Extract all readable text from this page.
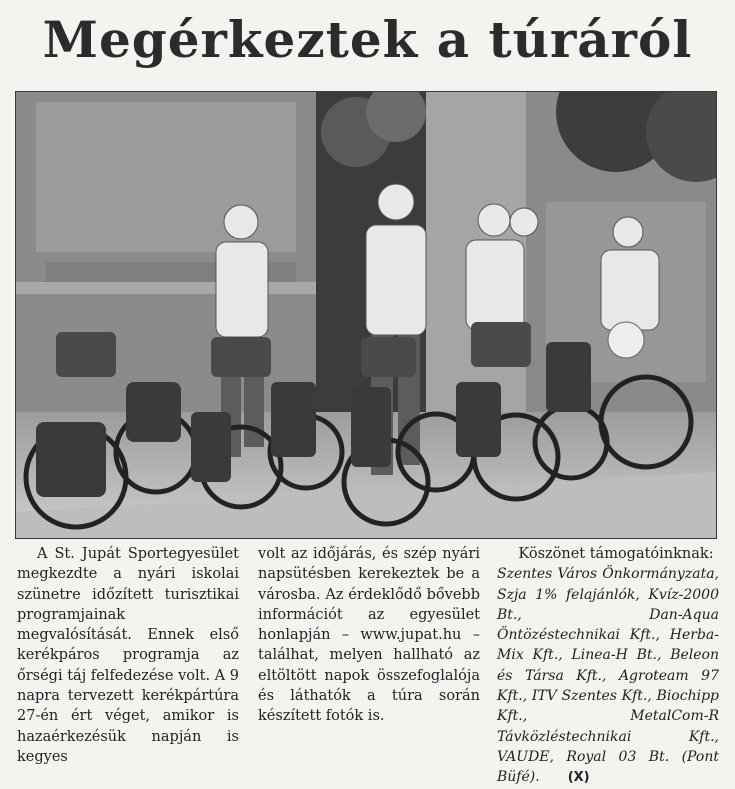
Megérkeztek a túráról

A St. Jupát Sportegyesület megkezdte a nyári iskolai szünetre időzített turisztikai programjainak megvalósítását. Ennek első kerékpáros programja az őrségi táj felfedezése volt. A 9 napra tervezett kerékpártúra 27-én ért véget, amikor is hazaérkezésük napján is kegyes

volt az időjárás, és szép nyári napsütésben kerekeztek be a városba. Az érdeklődő bővebb információt az egyesület honlapján – www.jupat.hu – találhat, melyen hallható az eltöltött napok összefoglalója és láthatók a túra során készített fotók is.

Köszönet támogatóinknak:

Szentes Város Önkormányzata, Szja 1% felajánlók, Kvíz-2000 Bt., Dan-Aqua Öntözéstechnikai Kft., Herba-Mix Kft., Linea-H Bt., Beleon és Társa Kft., Agroteam 97 Kft., ITV Szentes Kft., Biochipp Kft., MetalCom-R Távközléstechnikai Kft., VAUDE, Royal 03 Bt. (Pont Büfé). (X)
